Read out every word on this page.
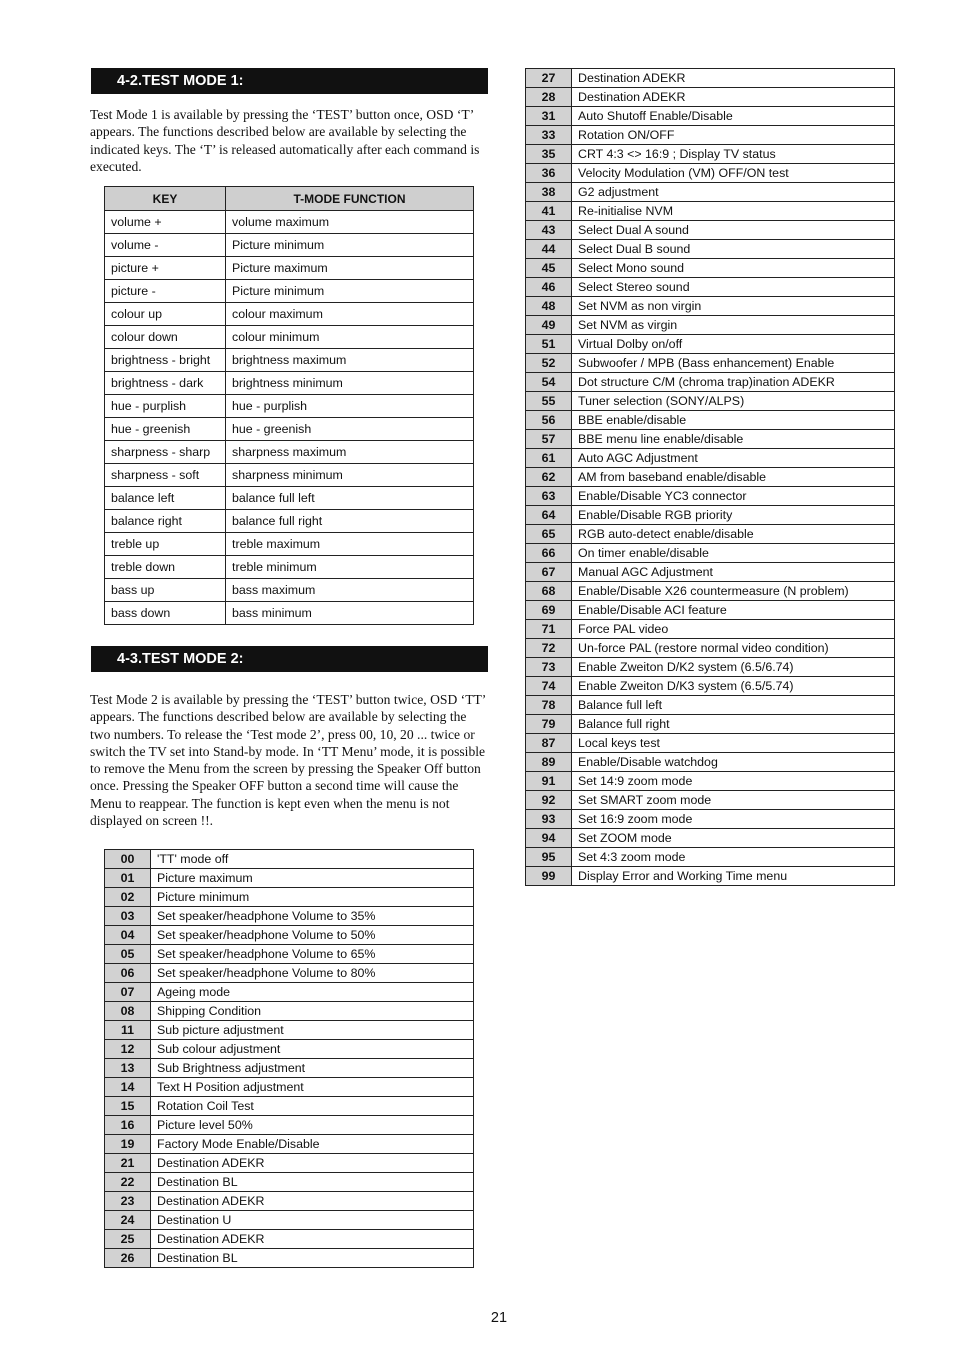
4-2.TEST MODE 1:

Test Mode 1 is available by pressing the ‘TEST’ button once, OSD ‘T’ appears. The functions described below are available by selecting the indicated keys. The ‘T’ is released automatically after each command is executed.

KEY	T-MODE FUNCTION
volume +	volume maximum
volume -	Picture minimum
picture +	Picture maximum
picture -	Picture minimum
colour up	colour maximum
colour down	colour minimum
brightness - bright	brightness maximum
brightness - dark	brightness minimum
hue - purplish	hue - purplish
hue - greenish	hue - greenish
sharpness - sharp	sharpness maximum
sharpness - soft	sharpness minimum
balance left	balance full left
balance right	balance full right
treble up	treble maximum
treble down	treble minimum
bass up	bass maximum
bass down	bass minimum
4-3.TEST MODE 2:

Test Mode 2 is available by pressing the ‘TEST’ button twice, OSD ‘TT’ appears. The functions described below are available by selecting the two numbers. To release the ‘Test mode 2’, press 00, 10, 20 ... twice or switch the TV set into Stand-by mode. In ‘TT Menu’ mode, it is possible to remove the Menu from the screen by pressing the Speaker Off button once. Pressing the Speaker OFF button a second time will cause the Menu to reappear. The function is kept even when the menu is not displayed on screen !!.

00	'TT' mode off
01	Picture maximum
02	Picture minimum
03	Set speaker/headphone Volume to 35%
04	Set speaker/headphone Volume to 50%
05	Set speaker/headphone Volume to 65%
06	Set speaker/headphone Volume to 80%
07	Ageing mode
08	Shipping Condition
11	Sub picture adjustment
12	Sub colour adjustment
13	Sub Brightness adjustment
14	Text H Position adjustment
15	Rotation Coil Test
16	Picture level 50%
19	Factory Mode Enable/Disable
21	Destination ADEKR
22	Destination BL
23	Destination ADEKR
24	Destination U
25	Destination ADEKR
26	Destination BL
27	Destination ADEKR
28	Destination ADEKR
31	Auto Shutoff Enable/Disable
33	Rotation ON/OFF
35	CRT 4:3 <> 16:9 ; Display TV status
36	Velocity Modulation (VM) OFF/ON test
38	G2 adjustment
41	Re-initialise NVM
43	Select Dual A sound
44	Select Dual B sound
45	Select Mono sound
46	Select Stereo sound
48	Set NVM as non virgin
49	Set NVM as virgin
51	Virtual Dolby on/off
52	Subwoofer / MPB (Bass enhancement) Enable
54	Dot structure C/M (chroma trap)ination ADEKR
55	Tuner selection (SONY/ALPS)
56	BBE enable/disable
57	BBE menu line enable/disable
61	Auto AGC Adjustment
62	AM from baseband enable/disable
63	Enable/Disable YC3 connector
64	Enable/Disable RGB priority
65	RGB auto-detect enable/disable
66	On timer enable/disable
67	Manual AGC Adjustment
68	Enable/Disable X26 countermeasure (N problem)
69	Enable/Disable ACI feature
71	Force PAL video
72	Un-force PAL (restore normal video condition)
73	Enable Zweiton D/K2 system (6.5/6.74)
74	Enable Zweiton D/K3 system (6.5/5.74)
78	Balance full left
79	Balance full right
87	Local keys test
89	Enable/Disable watchdog
91	Set 14:9 zoom mode
92	Set SMART zoom mode
93	Set 16:9 zoom mode
94	Set ZOOM mode
95	Set 4:3 zoom mode
99	Display Error and Working Time menu
21
